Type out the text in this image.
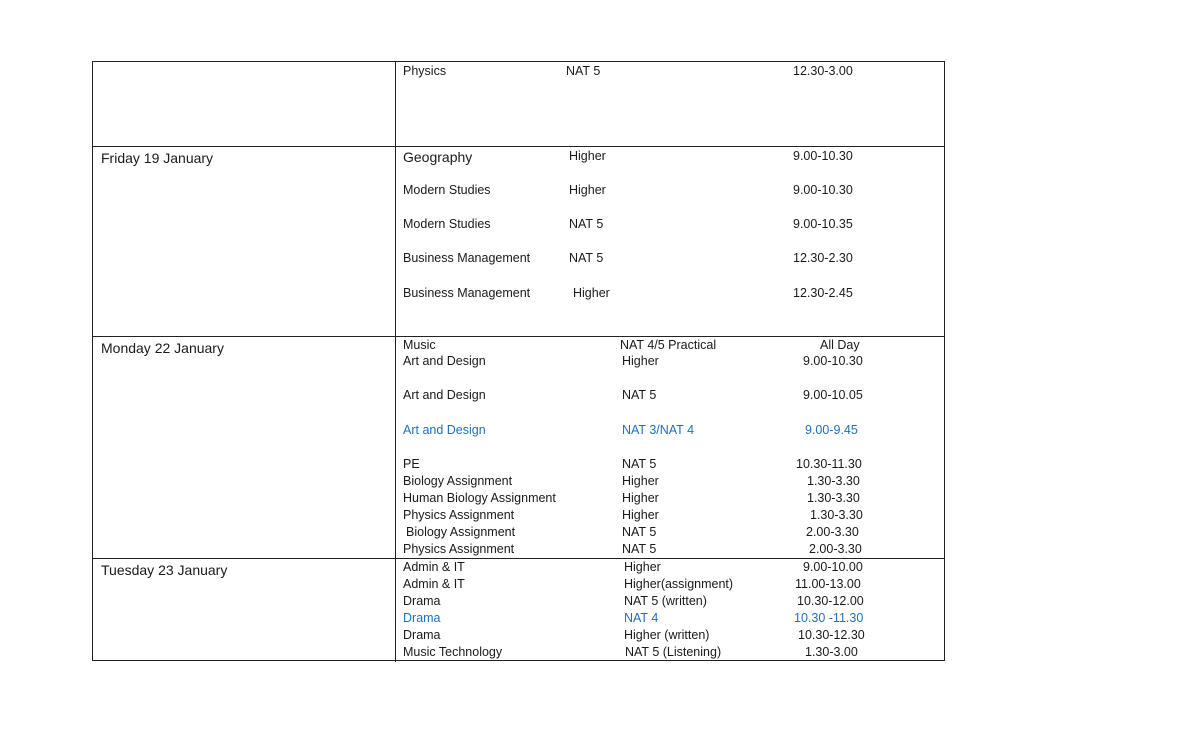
Physics	NAT 5	12.30-3.00
Friday 19 January	Geography	Higher	9.00-10.30
Modern Studies	Higher	9.00-10.30
Modern Studies	NAT 5	9.00-10.35
Business Management	NAT 5	12.30-2.30
Business Management	Higher	12.30-2.45
Monday 22 January	Music	NAT 4/5 Practical	All Day
Art and Design	Higher	9.00-10.30
Art and Design	NAT 5	9.00-10.05
Art and Design	NAT 3/NAT 4	9.00-9.45
PE	NAT 5	10.30-11.30
Biology Assignment	Higher	1.30-3.30
Human Biology Assignment	Higher	1.30-3.30
Physics Assignment	Higher	1.30-3.30
Biology Assignment	NAT 5	2.00-3.30
Physics Assignment	NAT 5	2.00-3.30
Tuesday 23 January	Admin & IT	Higher	9.00-10.00
Admin & IT	Higher(assignment)	11.00-13.00
Drama	NAT 5 (written)	10.30-12.00
Drama	NAT 4	10.30 -11.30
Drama	Higher (written)	10.30-12.30
Music Technology	NAT 5 (Listening)	1.30-3.00
